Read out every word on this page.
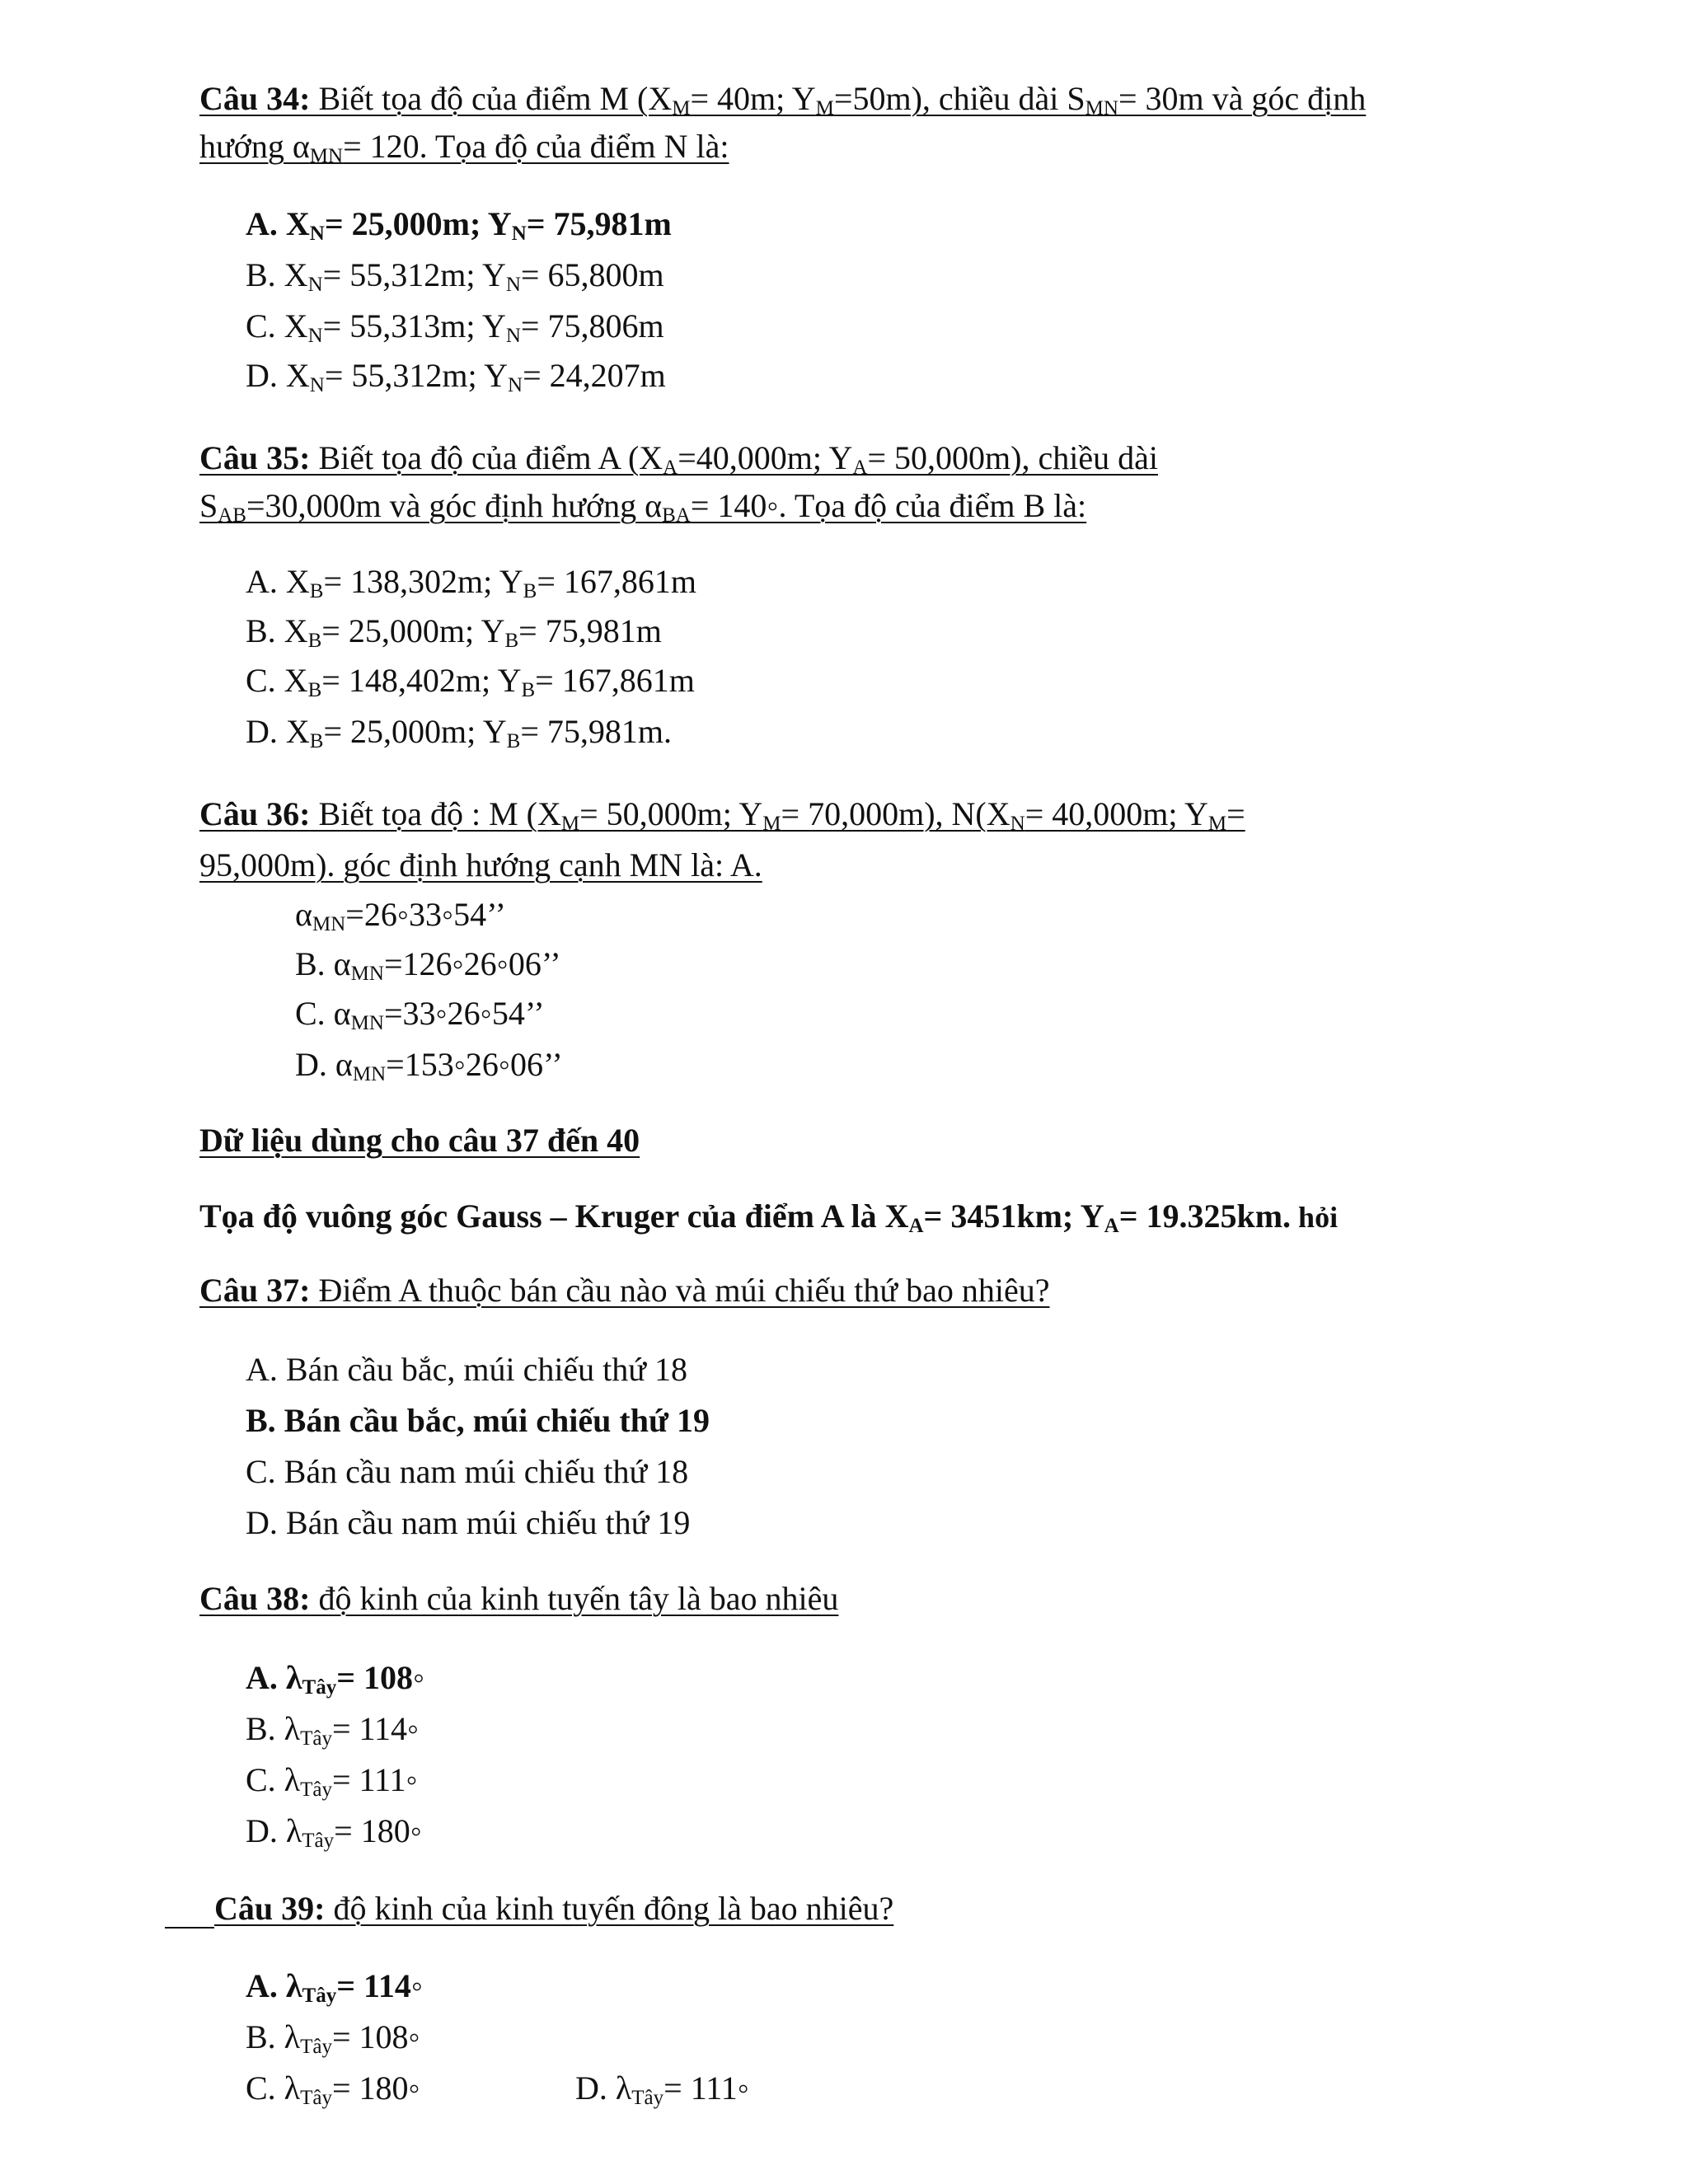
Câu 34: Biết tọa độ của điểm M ($X_M= 40m$; $Y_M=50m$), chiều dài $S_{MN}= 30m$ và góc định
hướng $\alpha_{MN}= 120$. Tọa độ của điểm N là:
A. $X_N= 25,000m$; $Y_N= 75,981m$
B. $X_N= 55,312m$; $Y_N= 65,800m$
C. $X_N= 55,313m$; $Y_N= 75,806m$
D. $X_N= 55,312m$; $Y_N= 24,207m$
Câu 35: Biết tọa độ của điểm A ($X_A=40,000m$; $Y_A= 50,000m$), chiều dài
$S_{AB}=30,000m$ và góc định hướng $\alpha_{BA}=$ 140◦. Tọa độ của điểm B là:
A. $X_B= 138,302m$; $Y_B= 167,861m$
B. $X_B= 25,000m$; $Y_B= 75,981m$
C. $X_B= 148,402m$; $Y_B= 167,861m$
D. $X_B= 25,000m$; $Y_B= 75,981m$.
Câu 36: Biết tọa độ : M ($X_M= 50,000m$; $Y_M= 70,000m$), $N(X_N= 40,000m$; $Y_M=$
95,000m). góc định hướng cạnh MN là: A.
$\alpha_{MN}=26◦33◦54$’’
B. $\alpha_{MN}=126◦26◦06$’’
C. $\alpha_{MN}=33◦26◦54$’’
D. $\alpha_{MN}=153◦26◦06$’’
Dữ liệu dùng cho câu 37 đến 40
Tọa độ vuông góc Gauss – Kruger của điểm A là $X_A= 3451km$; $Y_A= 19.325km$. hỏi
Câu 37: Điểm A thuộc bán cầu nào và múi chiếu thứ bao nhiêu?
A. Bán cầu bắc, múi chiếu thứ 18
B. Bán cầu bắc, múi chiếu thứ 19
C. Bán cầu nam múi chiếu thứ 18
D. Bán cầu nam múi chiếu thứ 19
Câu 38: độ kinh của kinh tuyến tây là bao nhiêu
A. $\lambda_{Tây}=$ 108◦
B. $\lambda_{Tây}=$ 114◦
C. $\lambda_{Tây}=$ 111◦
D. $\lambda_{Tây}=$ 180◦
Câu 39: độ kinh của kinh tuyến đông là bao nhiêu?
A. $\lambda_{Tây}=$ 114◦
B. $\lambda_{Tây}=$ 108◦
C. $\lambda_{Tây}=$ 180◦	D. $\lambda_{Tây}=$ 111◦
